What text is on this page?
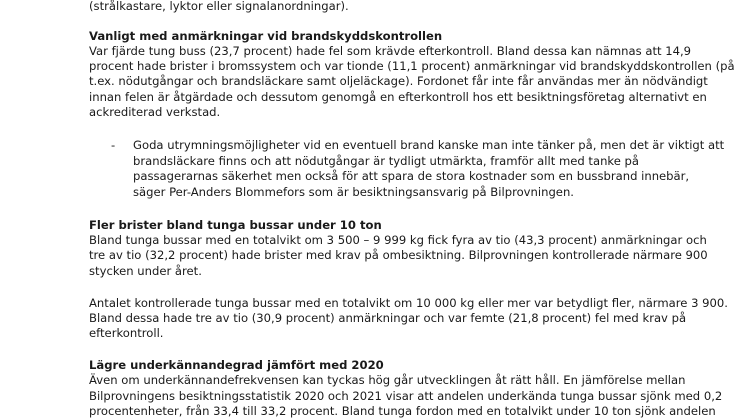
(strålkastare, lyktor eller signalanordningar).
Vanligt med anmärkningar vid brandskyddskontrollen
Var fjärde tung buss (23,7 procent) hade fel som krävde efterkontroll. Bland dessa kan nämnas att 14,9
procent hade brister i bromssystem och var tionde (11,1 procent) anmärkningar vid brandskyddskontrollen (på
t.ex. nödutgångar och brandsläckare samt oljeläckage). Fordonet får inte får användas mer än nödvändigt
innan felen är åtgärdade och dessutom genomgå en efterkontroll hos ett besiktningsföretag alternativt en
ackrediterad verkstad.
- Goda utrymningsmöjligheter vid en eventuell brand kanske man inte tänker på, men det är viktigt att
brandsläckare finns och att nödutgångar är tydligt utmärkta, framför allt med tanke på
passagerarnas säkerhet men också för att spara de stora kostnader som en bussbrand innebär,
säger Per-Anders Blommefors som är besiktningsansvarig på Bilprovningen.
Fler brister bland tunga bussar under 10 ton
Bland tunga bussar med en totalvikt om 3 500 – 9 999 kg fick fyra av tio (43,3 procent) anmärkningar och
tre av tio (32,2 procent) hade brister med krav på ombesiktning. Bilprovningen kontrollerade närmare 900
stycken under året.
Antalet kontrollerade tunga bussar med en totalvikt om 10 000 kg eller mer var betydligt fler, närmare 3 900.
Bland dessa hade tre av tio (30,9 procent) anmärkningar och var femte (21,8 procent) fel med krav på
efterkontroll.
Lägre underkännandegrad jämfört med 2020
Även om underkännandefrekvensen kan tyckas hög går utvecklingen åt rätt håll. En jämförelse mellan
Bilprovningens besiktningsstatistik 2020 och 2021 visar att andelen underkända tunga bussar sjönk med 0,2
procentenheter, från 33,4 till 33,2 procent. Bland tunga fordon med en totalvikt under 10 ton sjönk andelen
